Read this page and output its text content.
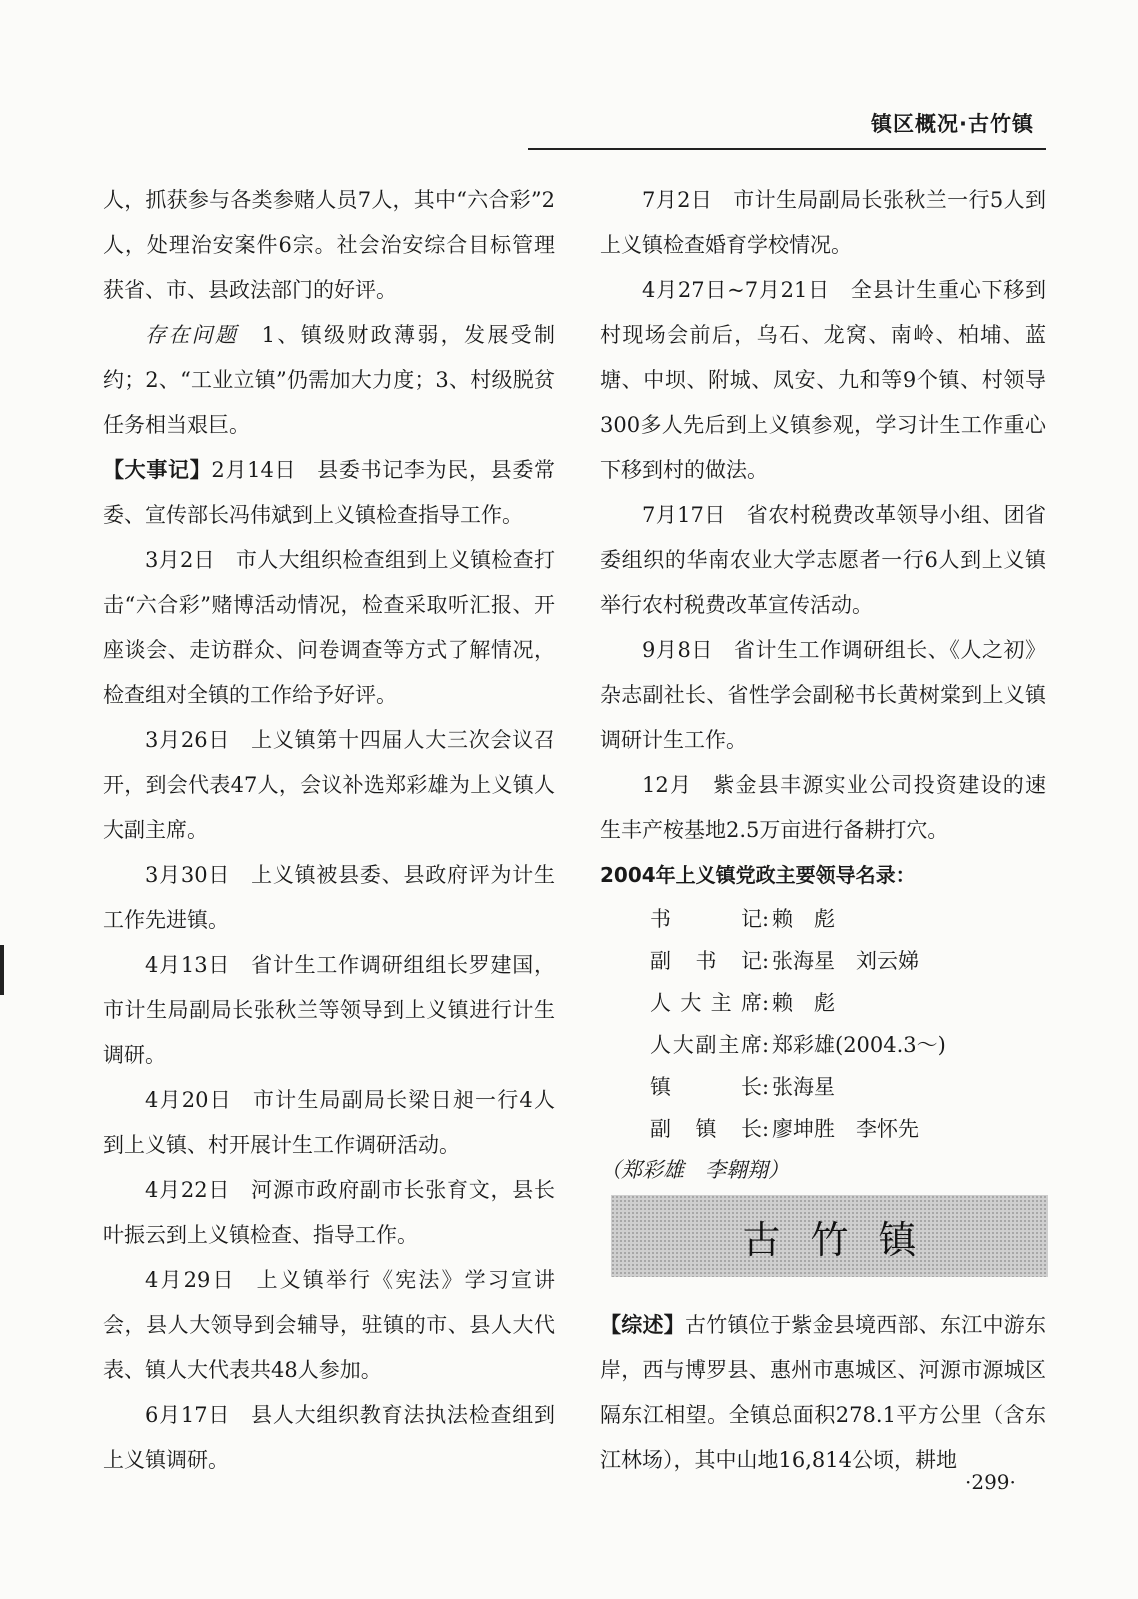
镇区概况·古竹镇

人，抓获参与各类参赌人员7人，其中“六合彩”2人，处理治安案件6宗。社会治安综合目标管理获省、市、县政法部门的好评。

存在问题　 1、镇级财政薄弱，发展受制约；2、“工业立镇”仍需加大力度；3、村级脱贫任务相当艰巨。

【大事记】2月14日 县委书记李为民，县委常委、宣传部长冯伟斌到上义镇检查指导工作。

3月2日 市人大组织检查组到上义镇检查打击“六合彩”赌博活动情况，检查采取听汇报、开座谈会、走访群众、问卷调查等方式了解情况，检查组对全镇的工作给予好评。

3月26日 上义镇第十四届人大三次会议召开，到会代表47人，会议补选郑彩雄为上义镇人大副主席。

3月30日 上义镇被县委、县政府评为计生工作先进镇。

4月13日 省计生工作调研组组长罗建国，市计生局副局长张秋兰等领导到上义镇进行计生调研。

4月20日 市计生局副局长梁日昶一行4人到上义镇、村开展计生工作调研活动。

4月22日 河源市政府副市长张育文，县长叶振云到上义镇检查、指导工作。

4月29日 上义镇举行《宪法》学习宣讲会，县人大领导到会辅导，驻镇的市、县人大代表、镇人大代表共48人参加。

6月17日 县人大组织教育法执法检查组到上义镇调研。

7月2日 市计生局副局长张秋兰一行5人到上义镇检查婚育学校情况。

4月27日~7月21日 全县计生重心下移到村现场会前后，乌石、龙窝、南岭、柏埔、蓝塘、中坝、附城、凤安、九和等9个镇、村领导300多人先后到上义镇参观，学习计生工作重心下移到村的做法。

7月17日 省农村税费改革领导小组、团省委组织的华南农业大学志愿者一行6人到上义镇举行农村税费改革宣传活动。

9月8日 省计生工作调研组长、《人之初》杂志副社长、省性学会副秘书长黄树棠到上义镇调研计生工作。

12月 紫金县丰源实业公司投资建设的速生丰产桉基地2.5万亩进行备耕打穴。

2004年上义镇党政主要领导名录：

书记 : 赖　彪
副书记 : 张海星　刘云娣
人大主席 : 赖　彪
人大副主席 : 郑彩雄(2004.3～)
镇长 : 张海星
副镇长 : 廖坤胜　李怀先

（郑彩雄　李翱翔）

古竹镇

【综述】古竹镇位于紫金县境西部、东江中游东岸，西与博罗县、惠州市惠城区、河源市源城区隔东江相望。全镇总面积278.1平方公里（含东江林场），其中山地16,814公顷，耕地

·299·
